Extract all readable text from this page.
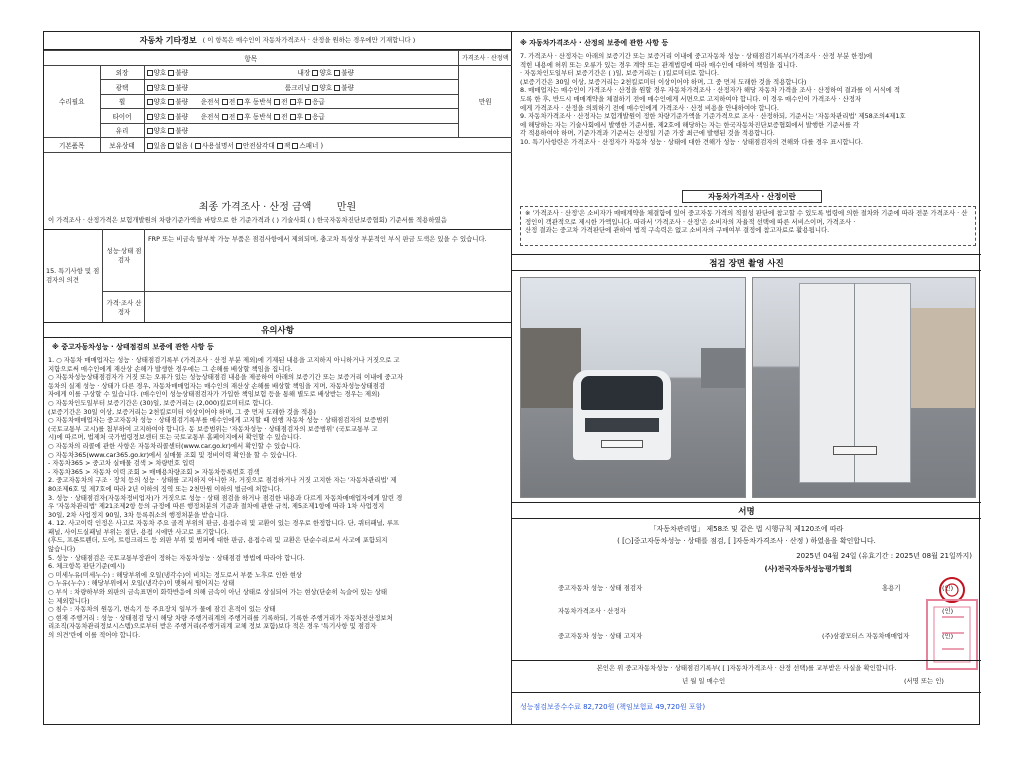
자동차 기타정보 ( 이 항목은 매수인이 자동차가격조사 · 산정을 원하는 경우에만 기재합니다 )
항목			가격조사 · 산정액
수리필요	외장	양호 불량 내장 양호 불량	만원
	광택	양호 불량 룸크리닝 양호 불량	
	휠	양호 불량 운전석 전 후 동반석 전 후 응급	
	타이어	양호 불량 운전석 전 후 동반석 전 후 응급	
	유리	양호 불량	
기본품목	보유상태	있음 없음 ( 사용설명서 안전삼각대 잭 스패너 )	
최종 가격조사 · 산정 금액	만원
이 가격조사 · 산정가격은 보험개발원의 차량기준가액을 바탕으로 한 기준가격과 ( ) 기술사회 ( ) 한국자동차진단보증협회) 기준서를 적용하였음
15. 특기사항 및 점검자의 의견
성능·상태 점검자
FRP 또는 비금속 탈부착 가능 부품은 점검사항에서 제외되며, 충고차 특성상 부분적인 부식 판금 도색은 있을 수 있습니다.
가격·조사 산정자
유의사항
※ 중고자동차성능 · 상태점검의 보증에 관한 사항 등
1. ○ 자동차 매매업자는 성능 · 상태점검기록부 (가격조사 · 산정 부분 제외)에 기재된 내용을 고지하지 아니하거나 거짓으로 고
지함으로써 매수인에게 재산상 손해가 발생한 경우에는 그 손해를 배상할 책임을 집니다.
○ 자동차성능상태점검자가 거짓 또는 오류가 있는 성능상태점검 내용을 제공하여 아래의 보증기간 또는 보증거리 이내에 중고자
동차의 실제 성능 · 상태가 다른 경우, 자동차매매업자는 매수인의 재산상 손해를 배상할 책임을 지며, 자동차성능상태점검
자에게 이를 구상할 수 있습니다. (매수인이 성능상태점검자가 가입한 책임보험 등을 통해 별도로 배상받는 경우는 제외)
○ 자동차인도일부터 보증기간은 (30)일, 보증거리는 (2,000)킬로미터로 합니다.
(보증기간은 30일 이상, 보증거리는 2천킬로미터 이상이어야 하며, 그 중 먼저 도래한 것을 적용)
○ 자동차매매업자는 중고자동차 성능 · 상태점검기록부를 매수인에게 고지할 때 현행 자동차 성능 · 상태점검자의 보증범위
(국토교통부 고시)를 첨부하여 고지하여야 합니다. 동 보증범위는 '자동차성능 · 상태점검자의 보증범위' (국토교통부 고
시)에 따르며, 법제처 국가법령정보센터 또는 국토교통부 홈페이지에서 확인할 수 있습니다.
○ 자동차의 리콜에 관한 사항은 자동차리콜센터(www.car.go.kr)에서 확인할 수 있습니다.
○ 자동차365(www.car365.go.kr)에서 실매물 조회 및 정비이력 확인을 할 수 있습니다.
- 자동차365 > 중고차 실매물 검색 > 차량번호 입력
- 자동차365 > 자동차 이력 조회 > 매매용차량조회 > 자동차등록번호 검색
2. 중고자동차의 구조 · 장치 등의 성능 · 상태를 고지하지 아니한 자, 거짓으로 점검하거나 거짓 고지한 자는 '자동차관리법' 제
80조제6호 및 제7호에 따라 2년 이하의 징역 또는 2천만원 이하의 벌금에 처합니다.
3. 성능 · 상태점검자(자동차정비업자)가 거짓으로 성능 · 상태 점검을 하거나 점검한 내용과 다르게 자동차매매업자에게 알린 경
우 '자동차관리법' 제21조제2항 등의 규정에 따른 행정처분의 기준과 절차에 관한 규칙, 제5조제1항에 따라 1차 사업정지
30일, 2차 사업정지 90일, 3차 등록취소의 행정처분을 받습니다.
4. 12. 사고이력 인정은 사고로 자동차 주요 골격 부위의 판금, 용접수리 및 교환이 있는 경우로 한정합니다. 단, 쿼터패널, 루프
패널, 사이드실패널 부위는 절단, 용접 시에만 사고로 표기합니다.
(후드, 프론트펜더, 도어, 트렁크리드 등 외판 부위 및 범퍼에 대한 판금, 용접수리 및 교환은 단순수리로서 사고에 포함되지
않습니다)
5. 성능 · 상태점검은 국토교통부장관이 정하는 자동차성능 · 상태점검 방법에 따라야 합니다.
6. 체크항목 판단기준(예시)
○ 미세누유(미세누수) : 해당부위에 오일(냉각수)이 비치는 정도로서 부품 노후로 인한 현상
○ 누유(누수) : 해당부위에서 오일(냉각수)이 맺혀서 떨어지는 상태
○ 부식 : 차량하부와 외판의 금속표면이 화학반응에 의해 금속이 아닌 상태로 상실되어 가는 현상(단순히 녹슬어 있는 상태
는 제외합니다)
○ 침수 : 자동차의 원동기, 변속기 등 주요장치 일부가 물에 잠긴 흔적이 있는 상태
○ 현재 주행거리 : 성능 · 상태점검 당시 해당 차량 주행거리계의 주행거리를 기록하되, 기록한 주행거리가 자동차전산정보처
리조직(자동차관리정보시스템)으로부터 받은 주행거리(주행거리계 교체 정보 포함)보다 적은 경우 '특기사항 및 점검자
의 의견'란에 이를 적어야 합니다.
※ 자동차가격조사 · 산정의 보증에 관한 사항 등
7. 가격조사 · 산정자는 아래의 보증기간 또는 보증거리 이내에 중고자동차 성능 · 상태점검기록부(가격조사 · 산정 부분 한정)에
적힌 내용에 허위 또는 오류가 있는 경우 계약 또는 관계법령에 따라 매수인에 대하여 책임을 집니다.
· 자동차인도일부터 보증기간은 ( )일, 보증거리는 ( )킬로미터로 합니다.
(보증기간은 30일 이상, 보증거리는 2천킬로미터 이상이어야 하며, 그 중 먼저 도래한 것을 적용합니다)
8. 매매업자는 매수인이 가격조사 · 산정을 원할 경우 자동차가격조사 · 산정자가 해당 자동차 가격을 조사 · 산정하여 결과를 이 서식에 적
도록 한 후, 반드시 매매계약을 체결하기 전에 매수인에게 서면으로 고지하여야 합니다. 이 경우 매수인이 가격조사 · 산정자
에게 가격조사 · 산정을 의뢰하기 전에 매수인에게 가격조사 · 산정 비용을 안내하여야 합니다.
9. 자동차가격조사 · 산정자는 보험개발원이 정한 차량기준가액을 기준가격으로 조사 · 산정하되, 기준서는 '자동차관리법' 제58조의4제1호
에 해당하는 자는 기술사회에서 발행한 기준서를, 제2호에 해당하는 자는 한국자동차진단보증협회에서 발행한 기준서를 각
각 적용하여야 하며, 기준가격과 기준서는 산정일 기준 가장 최근에 발행된 것을 적용합니다.
10. 특기사항란은 가격조사 · 산정자가 자동차 성능 · 상태에 대한 견해가 성능 · 상태점검자의 견해와 다를 경우 표시합니다.
자동차가격조사 · 산정이란
※ '가격조사 · 산정'은 소비자가 매매계약을 체결함에 있어 중고자동 가격의 적절성 판단에 참고할 수 있도록 법령에 의한 절차와 기준에 따라 전문 가격조사 · 산정인이 객관적으로 제시한 가액입니다. 따라서 '가격조사 · 산정'은 소비자의 자율적 선택에 따른 서비스이며, 가격조사 ·
산정 결과는 중고차 가격판단에 관하여 법적 구속력은 없고 소비자의 구매여부 결정에 참고자료로 활용됩니다.
점검 장면 촬영 사진
서명
「자동차관리법」 제58조 및 같은 법 시행규칙 제120조에 따라
( [○]중고자동차성능 · 상태를 점검, [ ]자동차가격조사 · 산정 ) 하였음을 확인합니다.
2025년 04월 24일 (유효기간 : 2025년 08월 21일까지)
(사)전국자동차성능평가협회
중고자동차 성능 · 상태 점검자	홍용기	(인)
자동차가격조사 · 산정자	(인)
중고자동차 성능 · 상태 고지자	(주)삼광모터스 자동차매매업자	(인)
본인은 위 중고자동차성능 · 상태점검기록부( [ ]자동차가격조사 · 산정 선택)를 교부받은 사실을 확인합니다.
년 월 일 매수인	(서명 또는 인)
성능점검보증수수료 82,720원 (책임보험료 49,720원 포함)
